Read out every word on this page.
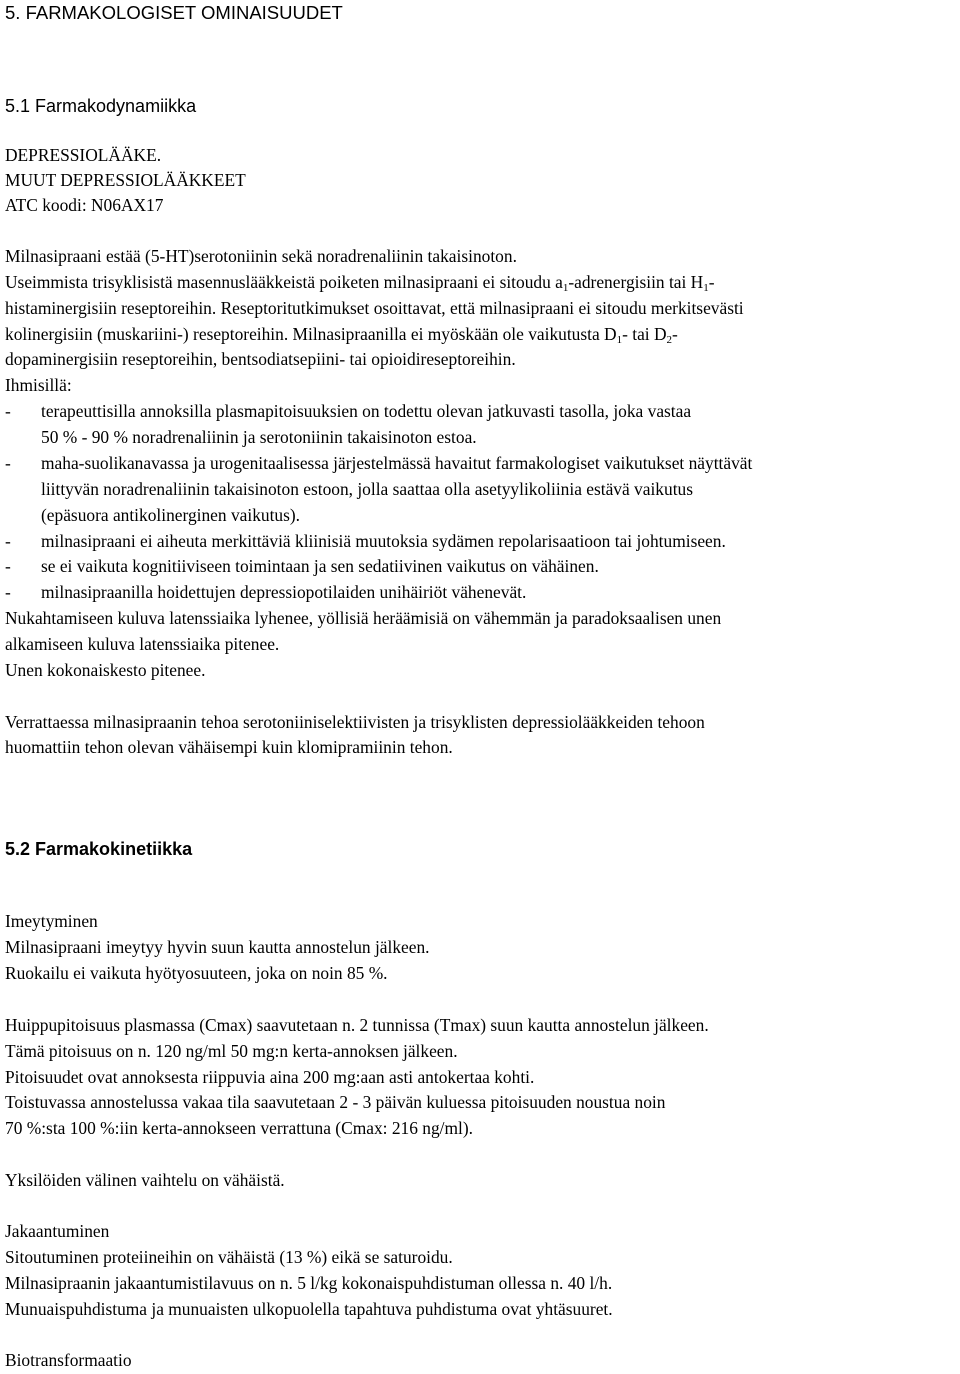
5. FARMAKOLOGISET OMINAISUUDET
5.1 Farmakodynamiikka
DEPRESSIOLÄÄKE.
MUUT DEPRESSIOLÄÄKKEET
ATC koodi: N06AX17
Milnasipraani estää (5-HT)serotoniinin sekä noradrenaliinin takaisinoton.
Useimmista trisyklisistä masennuslääkkeistä poiketen milnasipraani ei sitoudu $a_1$-adrenergisiin tai $H_1-$
histaminergisiin reseptoreihin. Reseptoritutkimukset osoittavat, että milnasipraani ei sitoudu merkitsevästi
kolinergisiin (muskariini-) reseptoreihin. Milnasipraanilla ei myöskään ole vaikutusta $D_1-$ tai $D_2-$
dopaminergisiin reseptoreihin, bentsodiatsepiini- tai opioidireseptoreihin.
Ihmisillä:
- terapeuttisilla annoksilla plasmapitoisuuksien on todettu olevan jatkuvasti tasolla, joka vastaa
50 % - 90 % noradrenaliinin ja serotoniinin takaisinoton estoa.
- maha-suolikanavassa ja urogenitaalisessa järjestelmässä havaitut farmakologiset vaikutukset näyttävät
liittyvän noradrenaliinin takaisinoton estoon, jolla saattaa olla asetyylikoliinia estävä vaikutus
(epäsuora antikolinerginen vaikutus).
- milnasipraani ei aiheuta merkittäviä kliinisiä muutoksia sydämen repolarisaatioon tai johtumiseen.
- se ei vaikuta kognitiiviseen toimintaan ja sen sedatiivinen vaikutus on vähäinen.
- milnasipraanilla hoidettujen depressiopotilaiden unihäiriöt vähenevät.
Nukahtamiseen kuluva latenssiaika lyhenee, yöllisiä heräämisiä on vähemmän ja paradoksaalisen unen
alkamiseen kuluva latenssiaika pitenee.
Unen kokonaiskesto pitenee.
Verrattaessa milnasipraanin tehoa serotoniiniselektiivisten ja trisyklisten depressiolääkkeiden tehoon
huomattiin tehon olevan vähäisempi kuin klomipramiinin tehon.
5.2 Farmakokinetiikka
Imeytyminen
Milnasipraani imeytyy hyvin suun kautta annostelun jälkeen.
Ruokailu ei vaikuta hyötyosuuteen, joka on noin 85 %.
Huippupitoisuus plasmassa (Cmax) saavutetaan n. 2 tunnissa (Tmax) suun kautta annostelun jälkeen.
Tämä pitoisuus on n. 120 ng/ml 50 mg:n kerta-annoksen jälkeen.
Pitoisuudet ovat annoksesta riippuvia aina 200 mg:aan asti antokertaa kohti.
Toistuvassa annostelussa vakaa tila saavutetaan 2 - 3 päivän kuluessa pitoisuuden noustua noin
70 %:sta 100 %:iin kerta-annokseen verrattuna (Cmax: 216 ng/ml).
Yksilöiden välinen vaihtelu on vähäistä.
Jakaantuminen
Sitoutuminen proteiineihin on vähäistä (13 %) eikä se saturoidu.
Milnasipraanin jakaantumistilavuus on n. 5 l/kg kokonaispuhdistuman ollessa n. 40 l/h.
Munuaispuhdistuma ja munuaisten ulkopuolella tapahtuva puhdistuma ovat yhtäsuuret.
Biotransformaatio
